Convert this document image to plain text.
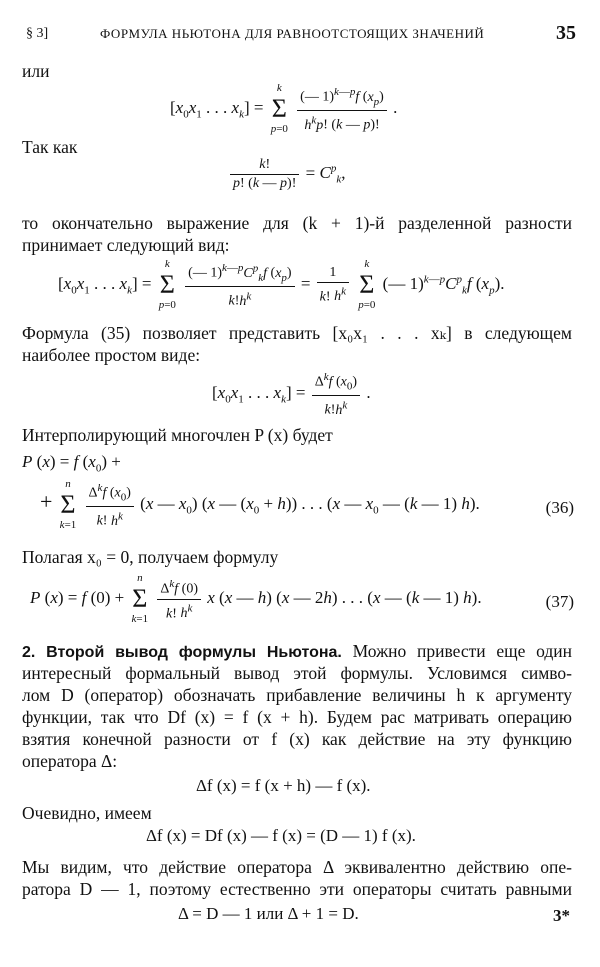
§ 3]	ФОРМУЛА НЬЮТОНА ДЛЯ РАВНООТСТОЯЩИХ ЗНАЧЕНИЙ	35
или
[$x_0x_1$ . . . $x_k$] =
k
Σ
p=0
$\frac{(— 1)^{k—p}f (x_p)}{h^kp! (k — p)!}$ .
Так как
$\frac{k!}{p! (k — p)!} = C^p_k$,
то окончательно выражение для (k + 1)-й разделенной разности
принимает следующий вид:
[$x_0x_1$ . . . $x_k$] =
k
Σ
p=0
$\frac{(— 1)^{k—p}C^p_kf (x_p)}{k!h^k} = \frac{1}{k! h^k}$
	k
Σ
p=0
(— $1)^{k—p}C^p_kf$ $(x_p)$.
Формула (35) позволяет представить [x₀x₁ . . . xₖ] в следующем
наиболее простом виде:
[$x_0x_1$ . . . $x_k] = \frac{\Delta^kf (x_0)}{k!h^k}$ .
Интерполирующий многочлен P (x) будет
P (x) = f $(x_0)$ +
+
n
Σ
k=1
$\frac{\Delta^kf (x_0)}{k! h^k} (x$ — $x_0$) (x — $(x_0 + h)$) . . . (x — $x_0$ — (k — 1) h).	(36)
Полагая x₀ = 0, получаем формулу
P (x) = f (0) +
n
Σ
k=1
$\frac{\Delta^kf (0)}{k! h^k}$ x (x — h) (x — 2h) . . . (x — (k — 1) h).	(37)
2. Второй вывод формулы Ньютона. Можно привести еще один
интересный формальный вывод этой формулы. Условимся симво-
лом D (оператор) обозначать прибавление величины h к аргументу
функции, так что Df (x) = f (x + h). Будем рас матривать операцию
взятия конечной разности от f (x) как действие на эту функцию
оператора Δ:
Δf (x) = f (x + h) — f (x).
Очевидно, имеем
Δf (x) = Df (x) — f (x) = (D — 1) f (x).
Мы видим, что действие оператора Δ эквивалентно действию опе-
ратора D — 1, поэтому естественно эти операторы считать равными
Δ = D — 1 или Δ + 1 = D.	3*
